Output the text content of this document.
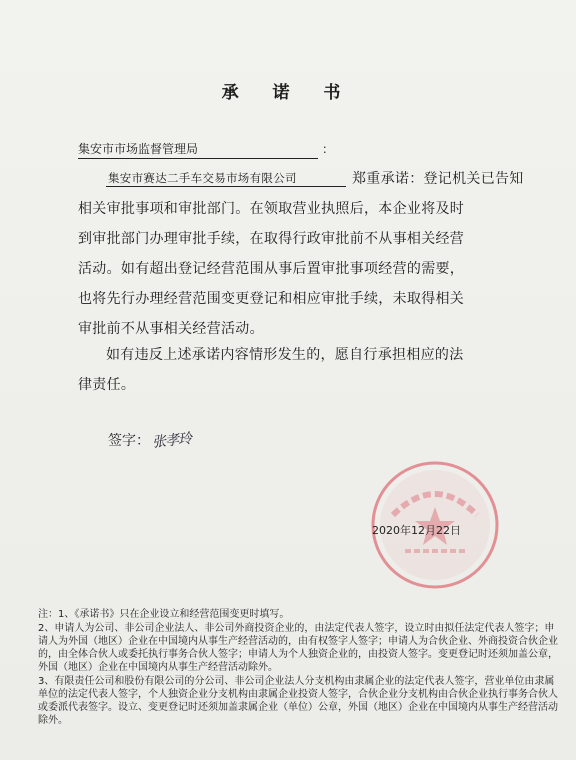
承 诺 书
集安市市场监督管理局	：
集安市赛达二手车交易市场有限公司	郑重承诺：登记机关已告知
相关审批事项和审批部门。在领取营业执照后，本企业将及时
到审批部门办理审批手续，在取得行政审批前不从事相关经营
活动。如有超出登记经营范围从事后置审批事项经营的需要，
也将先行办理经营范围变更登记和相应审批手续，未取得相关
审批前不从事相关经营活动。
如有违反上述承诺内容情形发生的，愿自行承担相应的法
律责任。
签字：张孝玲
2020年12月22日
注：1、《承诺书》只在企业设立和经营范围变更时填写。
2、申请人为公司、非公司企业法人、非公司外商投资企业的，由法定代表人签字，设立时由拟任法定代表人签字；申请人为外国（地区）企业在中国境内从事生产经营活动的，由有权签字人签字；申请人为合伙企业、外商投资合伙企业的，由全体合伙人或委托执行事务合伙人签字；申请人为个人独资企业的，由投资人签字。变更登记时还须加盖公章，外国（地区）企业在中国境内从事生产经营活动除外。
3、有限责任公司和股份有限公司的分公司、非公司企业法人分支机构由隶属企业的法定代表人签字，营业单位由隶属单位的法定代表人签字，个人独资企业分支机构由隶属企业投资人签字，合伙企业分支机构由合伙企业执行事务合伙人或委派代表签字。设立、变更登记时还须加盖隶属企业（单位）公章，外国（地区）企业在中国境内从事生产经营活动除外。
